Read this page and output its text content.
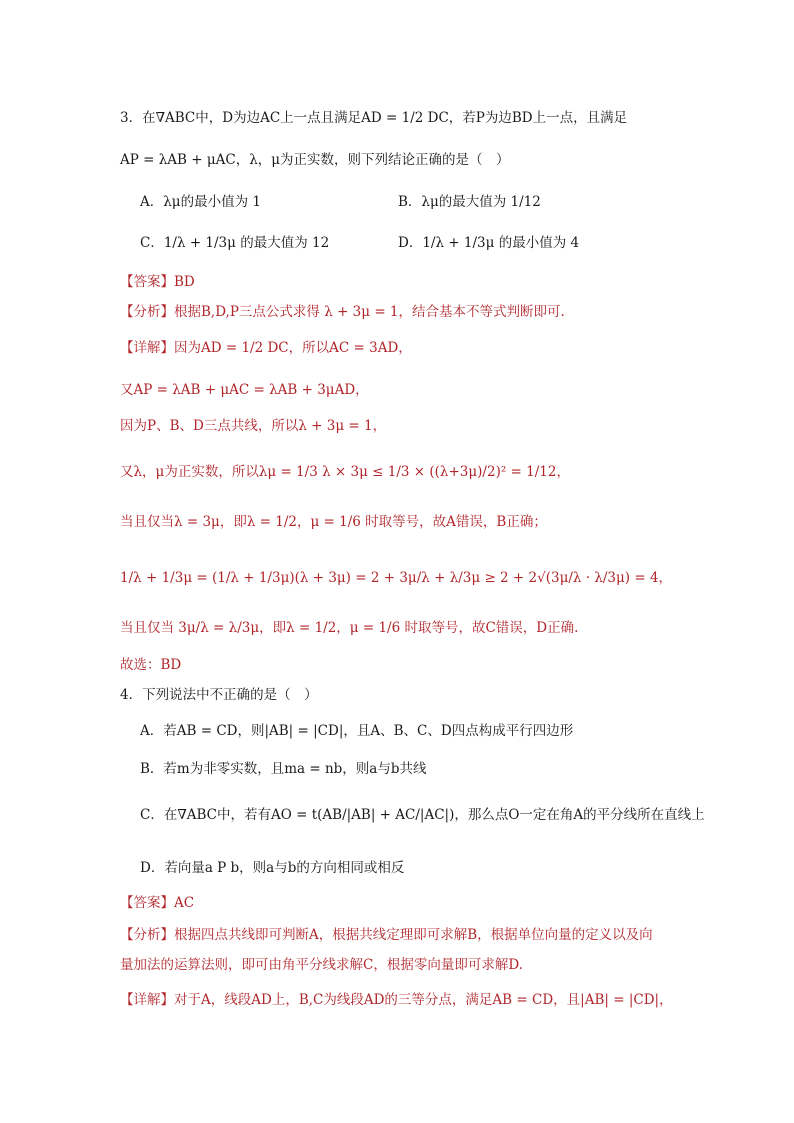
3．在∇ABC中，D为边AC上一点且满足AD = 1/2 DC，若P为边BD上一点，且满足
AP = λAB + μAC，λ，μ为正实数，则下列结论正确的是（　）
A．λμ的最小值为 1	B．λμ的最大值为 1/12
C．1/λ + 1/3μ 的最大值为 12	D．1/λ + 1/3μ 的最小值为 4
【答案】BD
【分析】根据B,D,P三点公式求得 λ + 3μ = 1，结合基本不等式判断即可.
【详解】因为AD = 1/2 DC，所以AC = 3AD，
又AP = λAB + μAC = λAB + 3μAD，
因为P、B、D三点共线，所以λ + 3μ = 1，
又λ，μ为正实数，所以λμ = 1/3 λ × 3μ ≤ 1/3 × ((λ+3μ)/2)² = 1/12，
当且仅当λ = 3μ，即λ = 1/2，μ = 1/6 时取等号，故A错误，B正确；
1/λ + 1/3μ = (1/λ + 1/3μ)(λ + 3μ) = 2 + 3μ/λ + λ/3μ ≥ 2 + 2√(3μ/λ · λ/3μ) = 4，
当且仅当 3μ/λ = λ/3μ，即λ = 1/2，μ = 1/6 时取等号，故C错误，D正确.
故选：BD
4．下列说法中不正确的是（　）
A．若AB = CD，则|AB| = |CD|，且A、B、C、D四点构成平行四边形
B．若m为非零实数，且ma = nb，则a与b共线
C．在∇ABC中，若有AO = t(AB/|AB| + AC/|AC|)，那么点O一定在角A的平分线所在直线上
D．若向量a P b，则a与b的方向相同或相反
【答案】AC
【分析】根据四点共线即可判断A，根据共线定理即可求解B，根据单位向量的定义以及向
量加法的运算法则，即可由角平分线求解C，根据零向量即可求解D.
【详解】对于A，线段AD上，B,C为线段AD的三等分点，满足AB = CD，且|AB| = |CD|，
